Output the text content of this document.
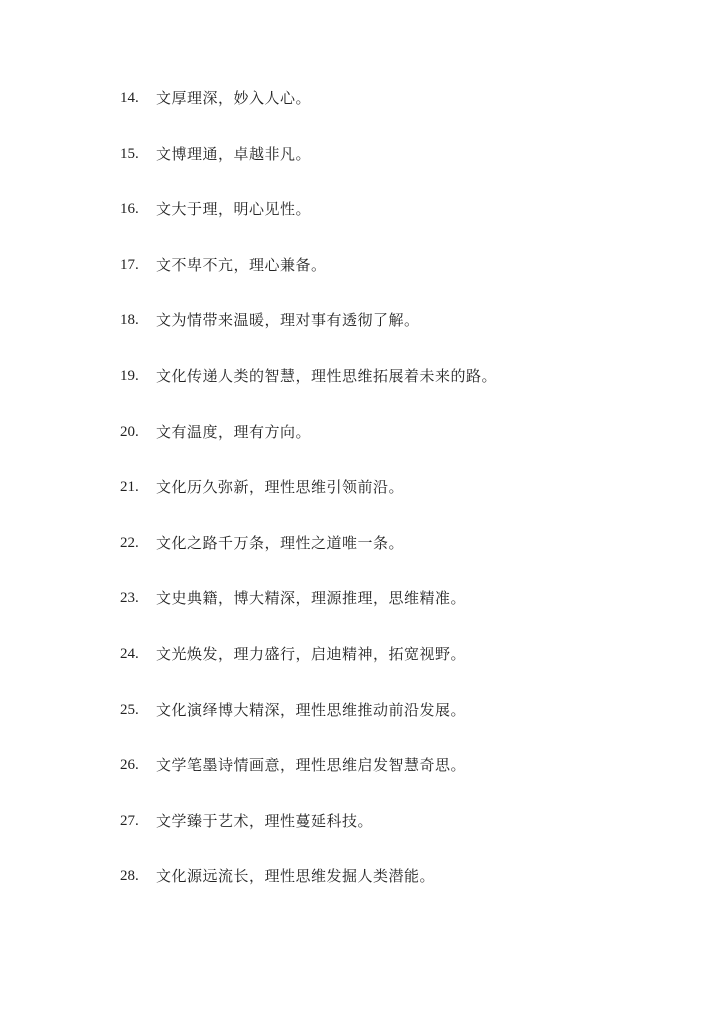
14.	文厚理深，妙入人心。
15.	文博理通，卓越非凡。
16.	文大于理，明心见性。
17.	文不卑不亢，理心兼备。
18.	文为情带来温暖，理对事有透彻了解。
19.	文化传递人类的智慧，理性思维拓展着未来的路。
20.	文有温度，理有方向。
21.	文化历久弥新，理性思维引领前沿。
22.	文化之路千万条，理性之道唯一条。
23.	文史典籍，博大精深，理源推理，思维精准。
24.	文光焕发，理力盛行，启迪精神，拓宽视野。
25.	文化演绎博大精深，理性思维推动前沿发展。
26.	文学笔墨诗情画意，理性思维启发智慧奇思。
27.	文学臻于艺术，理性蔓延科技。
28.	文化源远流长，理性思维发掘人类潜能。
